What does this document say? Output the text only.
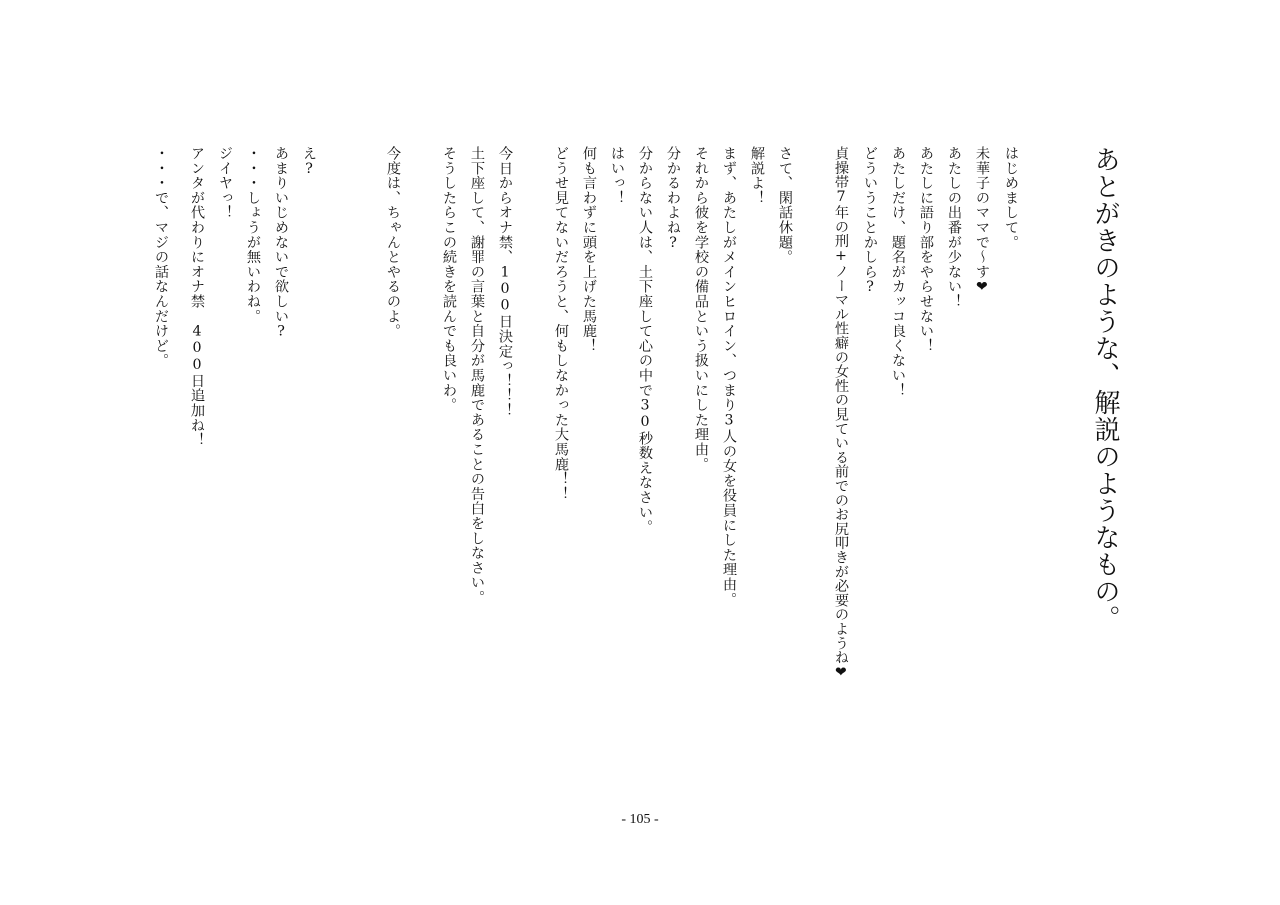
あとがきのような、解説のようなもの。
はじめまして。
未華子のママで〜す❤
あたしの出番が少ない！
あたしに語り部をやらせない！
あたしだけ、題名がカッコ良くない！
どういうことかしら?
貞操帯7年の刑+ノーマル性癖の女性の見ている前でのお尻叩きが必要のようね❤
さて、閑話休題。
解説よ！
まず、あたしがメインヒロイン、つまり3人の女を役員にした理由。
それから彼を学校の備品という扱いにした理由。
分かるわよね?
分からない人は、土下座して心の中で30秒数えなさい。
はいっ！
何も言わずに頭を上げた馬鹿！
どうせ見てないだろうと、何もしなかった大馬鹿！！
今日からオナ禁、100日決定っ！！！
土下座して、謝罪の言葉と自分が馬鹿であることの告白をしなさい。
そうしたらこの続きを読んでも良いわ。
今度は、ちゃんとやるのよ。
え?
あまりいじめないで欲しい?
・・・しょうが無いわね。
ジイヤっ！
アンタが代わりにオナ禁　400日追加ね！
・・・で、マジの話なんだけど。
- 105 -
